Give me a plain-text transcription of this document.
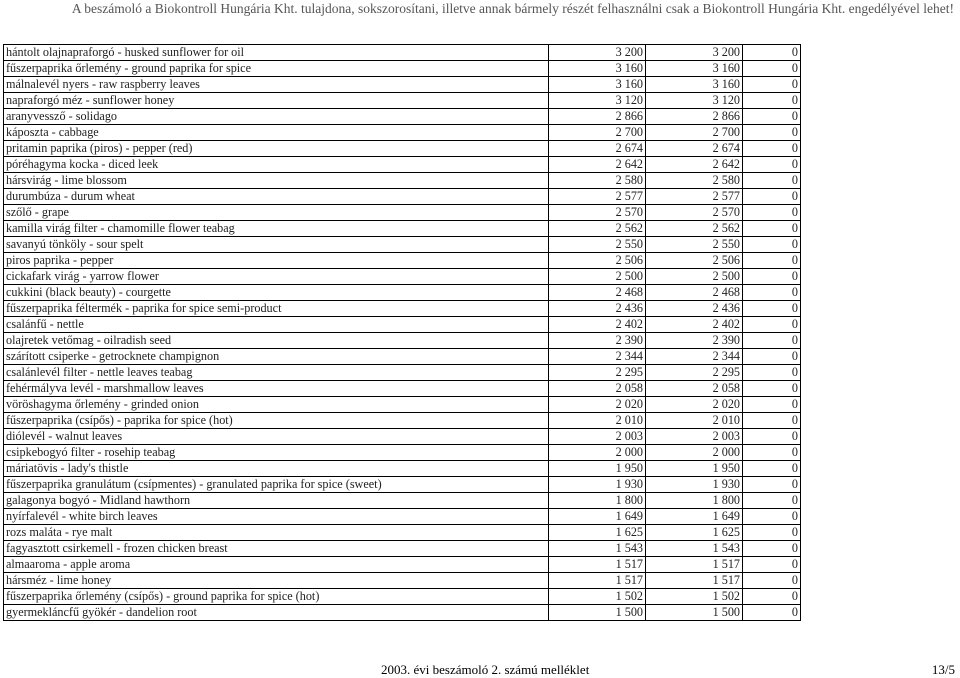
A beszámoló a Biokontroll Hungária Kht. tulajdona, sokszorosítani, illetve annak bármely részét felhasználni csak a Biokontroll Hungária Kht. engedélyével lehet!
hántolt olajnapraforgó - husked sunflower for oil	3 200	3 200	0
fűszerpaprika őrlemény - ground paprika for spice	3 160	3 160	0
málnalevél nyers - raw raspberry leaves	3 160	3 160	0
napraforgó méz - sunflower honey	3 120	3 120	0
aranyvessző - solidago	2 866	2 866	0
káposzta - cabbage	2 700	2 700	0
pritamin paprika (piros) - pepper (red)	2 674	2 674	0
póréhagyma kocka - diced leek	2 642	2 642	0
hársvirág - lime blossom	2 580	2 580	0
durumbúza - durum wheat	2 577	2 577	0
szőlő - grape	2 570	2 570	0
kamilla virág filter - chamomille flower teabag	2 562	2 562	0
savanyú tönköly - sour spelt	2 550	2 550	0
piros paprika - pepper	2 506	2 506	0
cickafark virág - yarrow flower	2 500	2 500	0
cukkini (black beauty) - courgette	2 468	2 468	0
fűszerpaprika féltermék - paprika for spice semi-product	2 436	2 436	0
csalánfű - nettle	2 402	2 402	0
olajretek vetőmag - oilradish seed	2 390	2 390	0
szárított csiperke - getrocknete champignon	2 344	2 344	0
csalánlevél filter - nettle leaves teabag	2 295	2 295	0
fehérmályva levél - marshmallow leaves	2 058	2 058	0
vöröshagyma őrlemény - grinded onion	2 020	2 020	0
fűszerpaprika (csípős) - paprika for spice (hot)	2 010	2 010	0
diólevél - walnut leaves	2 003	2 003	0
csipkebogyó filter - rosehip teabag	2 000	2 000	0
máriatövis - lady's thistle	1 950	1 950	0
fűszerpaprika granulátum (csípmentes) - granulated paprika for spice (sweet)	1 930	1 930	0
galagonya bogyó - Midland hawthorn	1 800	1 800	0
nyírfalevél - white birch leaves	1 649	1 649	0
rozs maláta - rye malt	1 625	1 625	0
fagyasztott csirkemell - frozen chicken breast	1 543	1 543	0
almaaroma - apple aroma	1 517	1 517	0
hársméz - lime honey	1 517	1 517	0
fűszerpaprika őrlemény (csípős) - ground paprika for spice (hot)	1 502	1 502	0
gyermekláncfű gyökér - dandelion root	1 500	1 500	0
2003. évi beszámoló 2. számú melléklet	13/5
